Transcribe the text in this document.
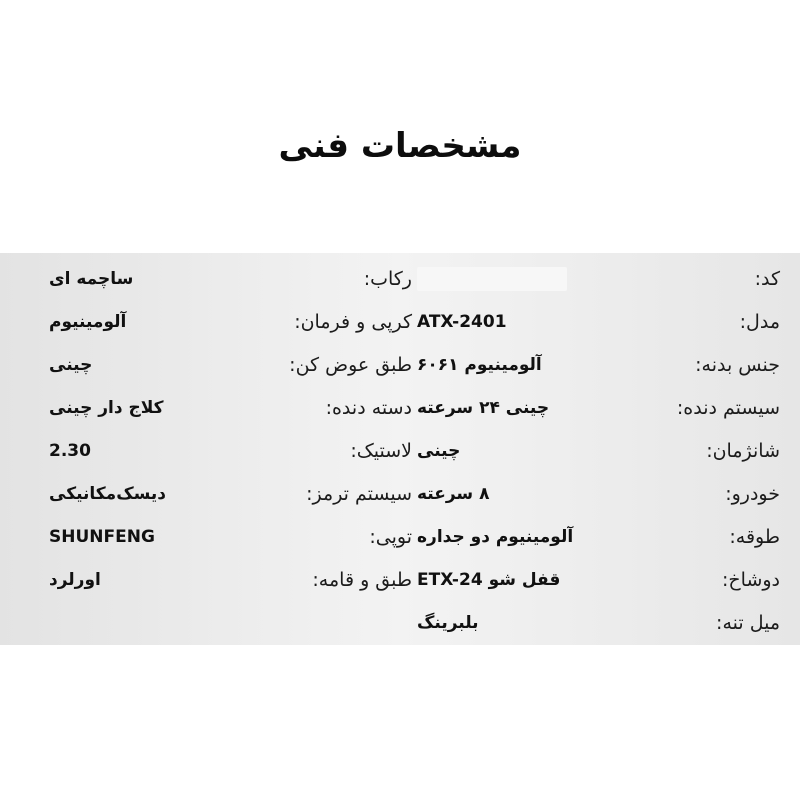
مشخصات فنی
کد:
مدل:
ATX-2401
جنس بدنه:
آلومینیوم ۶۰۶۱
سیستم دنده:
چینی ۲۴ سرعته
شانژمان:
چینی
خودرو:
۸ سرعته
طوقه:
آلومینیوم دو جداره
دوشاخ:
قفل شو ETX-24
میل تنه:
بلبرینگ
رکاب:
ساچمه ای
کرپی و فرمان:
آلومینیوم
طبق عوض کن:
چینی
دسته دنده:
کلاج دار چینی
لاستیک:
2.30
سیستم ترمز:
دیسک‌مکانیکی
توپی:
SHUNFENG
طبق و قامه:
اورلرد
